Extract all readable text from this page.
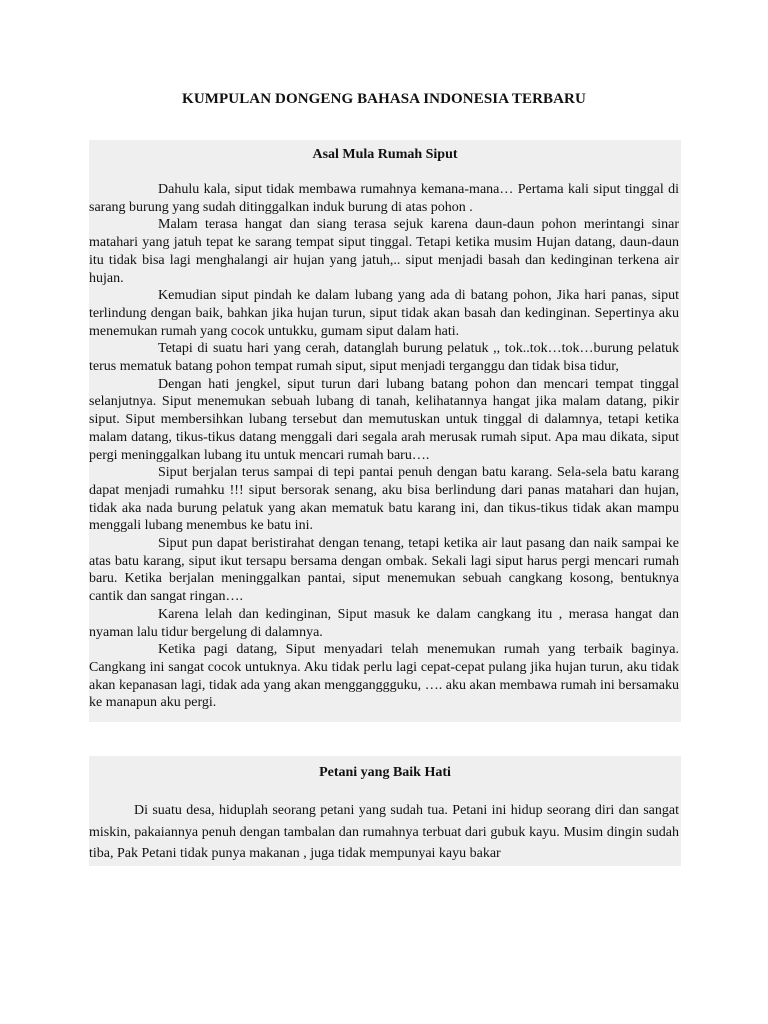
KUMPULAN DONGENG BAHASA INDONESIA TERBARU
Asal Mula Rumah Siput

Dahulu kala, siput tidak membawa rumahnya kemana-mana… Pertama kali siput tinggal di sarang burung yang sudah ditinggalkan induk burung di atas pohon .

Malam terasa hangat dan siang terasa sejuk karena daun-daun pohon merintangi sinar matahari yang jatuh tepat ke sarang tempat siput tinggal. Tetapi ketika musim Hujan datang, daun-daun itu tidak bisa lagi menghalangi air hujan yang jatuh,.. siput menjadi basah dan kedinginan terkena air hujan.

Kemudian siput pindah ke dalam lubang yang ada di batang pohon, Jika hari panas, siput terlindung dengan baik, bahkan jika hujan turun, siput tidak akan basah dan kedinginan. Sepertinya aku menemukan rumah yang cocok untukku, gumam siput dalam hati.

Tetapi di suatu hari yang cerah, datanglah burung pelatuk ,, tok..tok…tok…burung pelatuk terus mematuk batang pohon tempat rumah siput, siput menjadi terganggu dan tidak bisa tidur,

Dengan hati jengkel, siput turun dari lubang batang pohon dan mencari tempat tinggal selanjutnya. Siput menemukan sebuah lubang di tanah, kelihatannya hangat jika malam datang, pikir siput. Siput membersihkan lubang tersebut dan memutuskan untuk tinggal di dalamnya, tetapi ketika malam datang, tikus-tikus datang menggali dari segala arah merusak rumah siput. Apa mau dikata, siput pergi meninggalkan lubang itu untuk mencari rumah baru….

Siput berjalan terus sampai di tepi pantai penuh dengan batu karang. Sela-sela batu karang dapat menjadi rumahku !!! siput bersorak senang, aku bisa berlindung dari panas matahari dan hujan, tidak aka nada burung pelatuk yang akan mematuk batu karang ini, dan tikus-tikus tidak akan mampu menggali lubang menembus ke batu ini.

Siput pun dapat beristirahat dengan tenang, tetapi ketika air laut pasang dan naik sampai ke atas batu karang, siput ikut tersapu bersama dengan ombak. Sekali lagi siput harus pergi mencari rumah baru. Ketika berjalan meninggalkan pantai, siput menemukan sebuah cangkang kosong, bentuknya cantik dan sangat ringan….

Karena lelah dan kedinginan, Siput masuk ke dalam cangkang itu , merasa hangat dan nyaman lalu tidur bergelung di dalamnya.

Ketika pagi datang, Siput menyadari telah menemukan rumah yang terbaik baginya. Cangkang ini sangat cocok untuknya. Aku tidak perlu lagi cepat-cepat pulang jika hujan turun, aku tidak akan kepanasan lagi, tidak ada yang akan mengganggguku, …. aku akan membawa rumah ini bersamaku ke manapun aku pergi.

Petani yang Baik Hati

Di suatu desa, hiduplah seorang petani yang sudah tua. Petani ini hidup seorang diri dan sangat miskin, pakaiannya penuh dengan tambalan dan rumahnya terbuat dari gubuk kayu. Musim dingin sudah tiba, Pak Petani tidak punya makanan , juga tidak mempunyai kayu bakar
